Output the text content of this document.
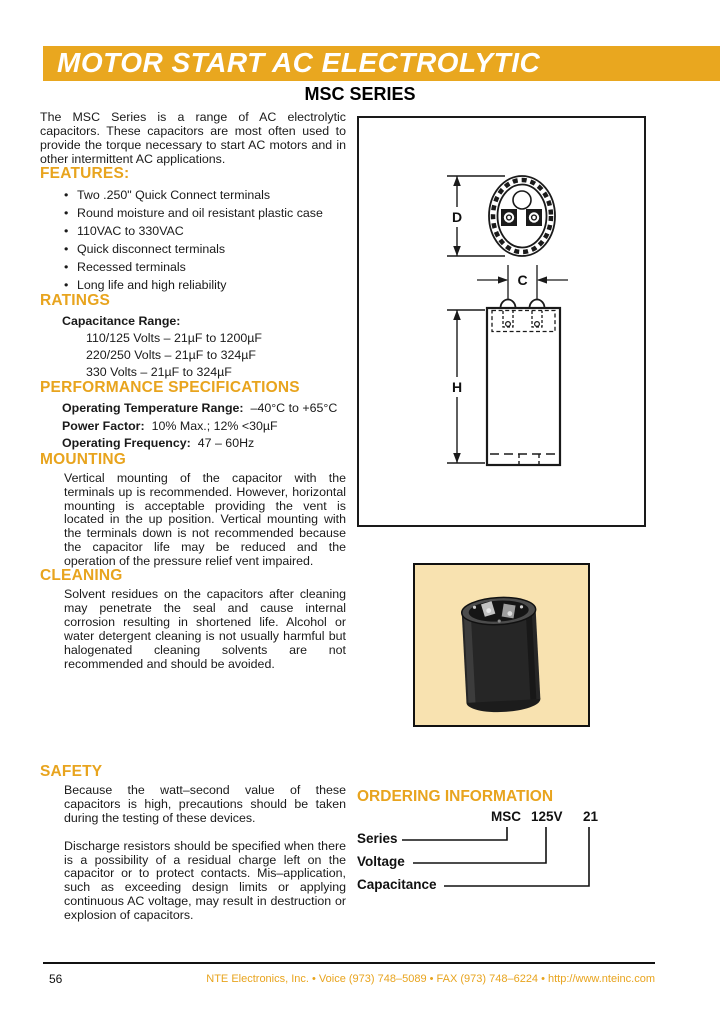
MOTOR START AC ELECTROLYTIC
MSC SERIES

The MSC Series is a range of AC electrolytic capacitors. These capacitors are most often used to provide the torque necessary to start AC motors and in other intermittent AC applications.

FEATURES:
• Two .250" Quick Connect terminals
• Round moisture and oil resistant plastic case
• 110VAC to 330VAC
• Quick disconnect terminals
• Recessed terminals
• Long life and high reliability
RATINGS
Capacitance Range:
110/125 Volts – 21µF to 1200µF
220/250 Volts – 21µF to 324µF
330 Volts – 21µF to 324µF
PERFORMANCE SPECIFICATIONS
Operating Temperature Range: –40°C to +65°C
Power Factor: 10% Max.; 12% <30µF
Operating Frequency: 47 – 60Hz
MOUNTING

Vertical mounting of the capacitor with the terminals up is recommended. However, horizontal mounting is acceptable providing the vent is located in the up position. Vertical mounting with the terminals down is not recommended because the capacitor life may be reduced and the operation of the pressure relief vent impaired.

CLEANING

Solvent residues on the capacitors after cleaning may penetrate the seal and cause internal corrosion resulting in shortened life. Alcohol or water detergent cleaning is not usually harmful but halogenated cleaning solvents are not recommended and should be avoided.

SAFETY

Because the watt–second value of these capacitors is high, precautions should be taken during the testing of these devices.

Discharge resistors should be specified when there is a possibility of a residual charge left on the capacitor or to protect contacts. Mis–application, such as exceeding design limits or applying continuous AC voltage, may result in destruction or explosion of capacitors.

D
C
H
ORDERING INFORMATION
MSC 125V 21
Series
Voltage
Capacitance
56	NTE Electronics, Inc. • Voice (973) 748–5089 • FAX (973) 748–6224 • http://www.nteinc.com
